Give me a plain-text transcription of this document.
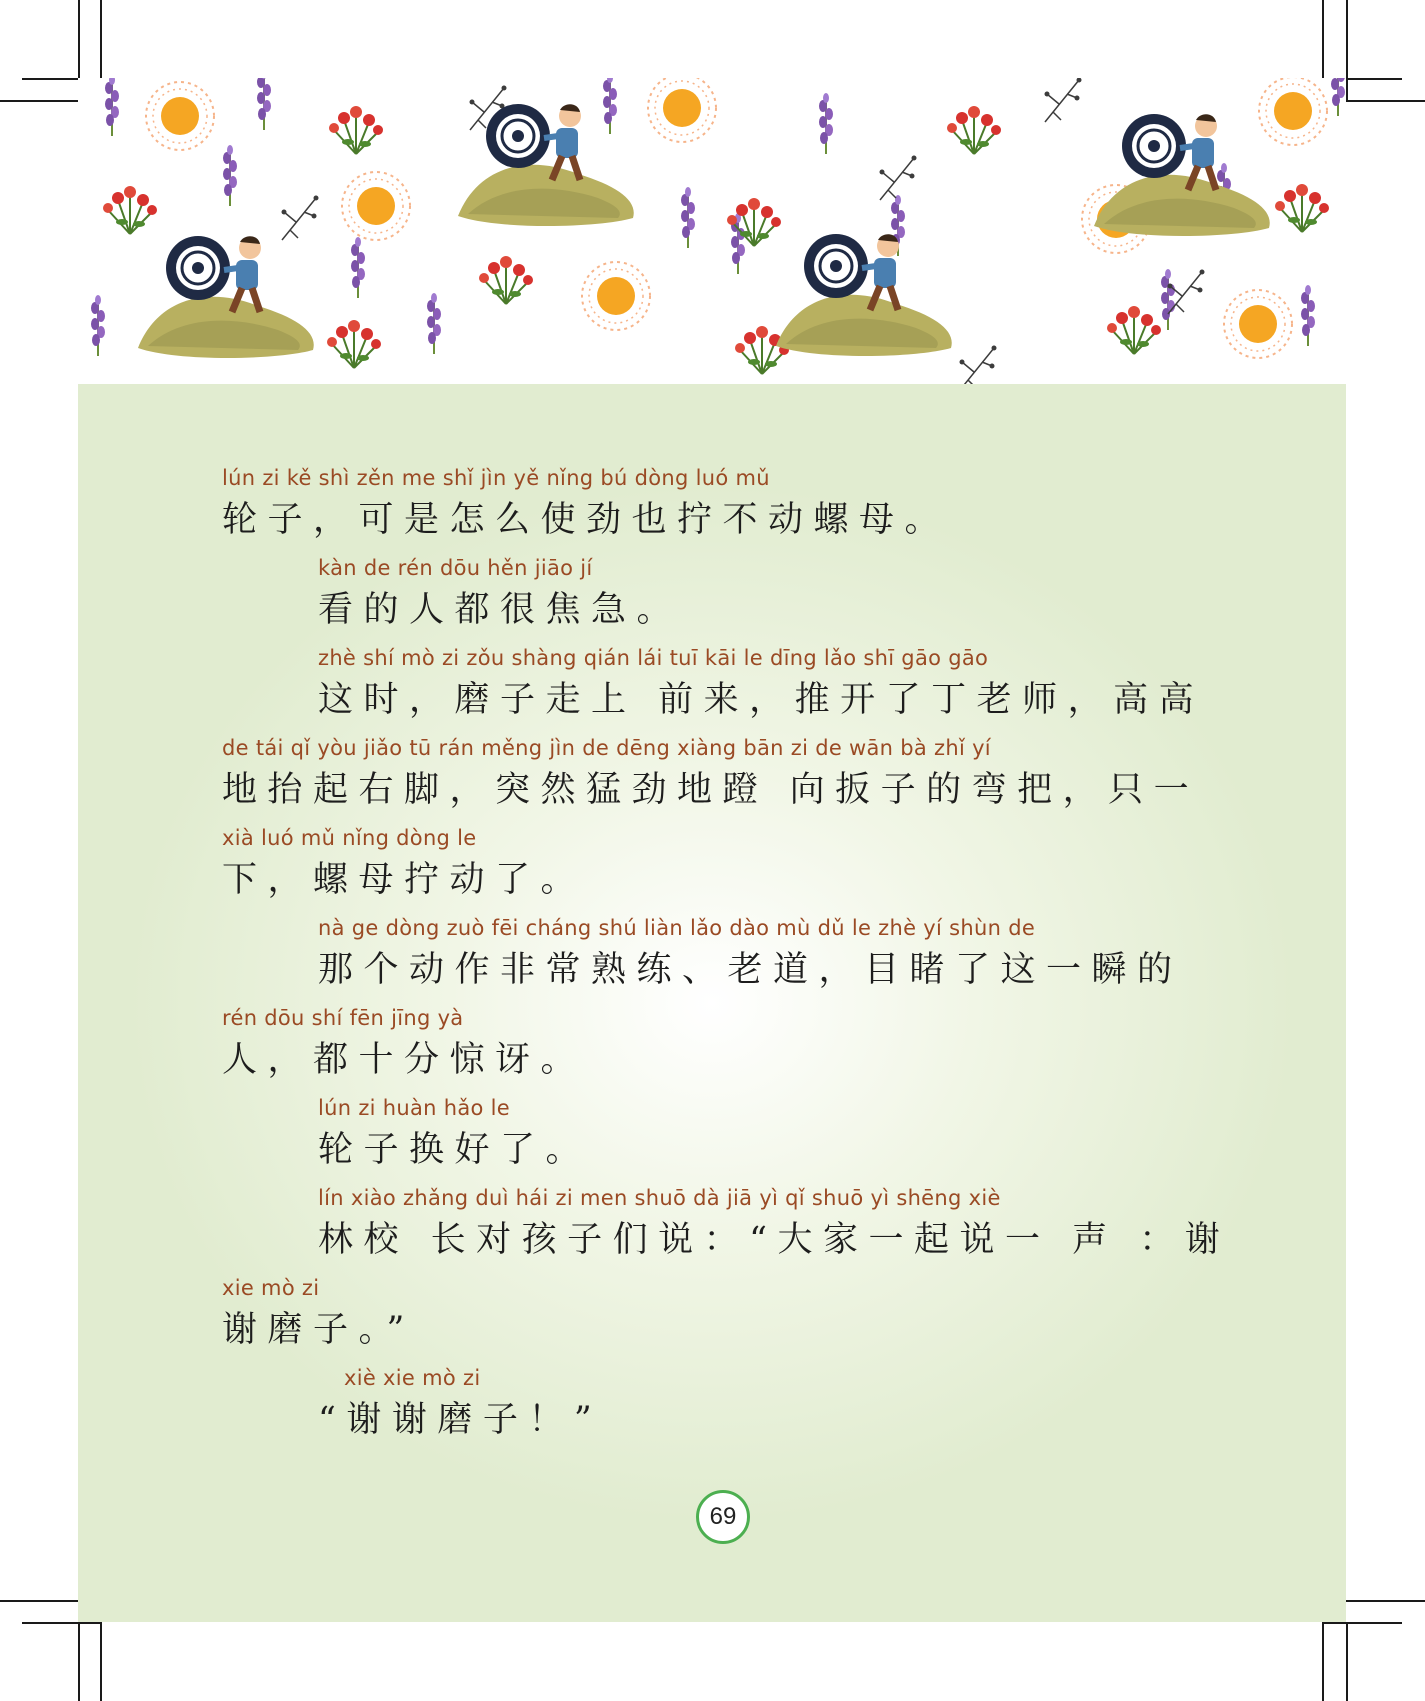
lún zi kě shì zěn me shǐ jìn yě nǐng bú dòng luó mǔ
轮子，可是怎么使劲也拧不动螺母。
kàn de rén dōu hěn jiāo jí
看的人都很焦急。
zhè shí mò zi zǒu shàng qián lái tuī kāi le dīng lǎo shī gāo gāo
这时，磨子走上 前来，推开了丁老师，高高
de tái qǐ yòu jiǎo tū rán měng jìn de dēng xiàng bān zi de wān bà zhǐ yí
地抬起右脚，突然猛劲地蹬 向扳子的弯把，只一
xià luó mǔ nǐng dòng le
下，螺母拧动了。
nà ge dòng zuò fēi cháng shú liàn lǎo dào mù dǔ le zhè yí shùn de
那个动作非常熟练、老道，目睹了这一瞬的
rén dōu shí fēn jīng yà
人，都十分惊讶。
lún zi huàn hǎo le
轮子换好了。
lín xiào zhǎng duì hái zi men shuō dà jiā yì qǐ shuō yì shēng xiè
林校 长对孩子们说：“大家一起说一 声 ：谢
xie mò zi
谢磨子。”
xiè xie mò zi
“谢谢磨子！”
69
